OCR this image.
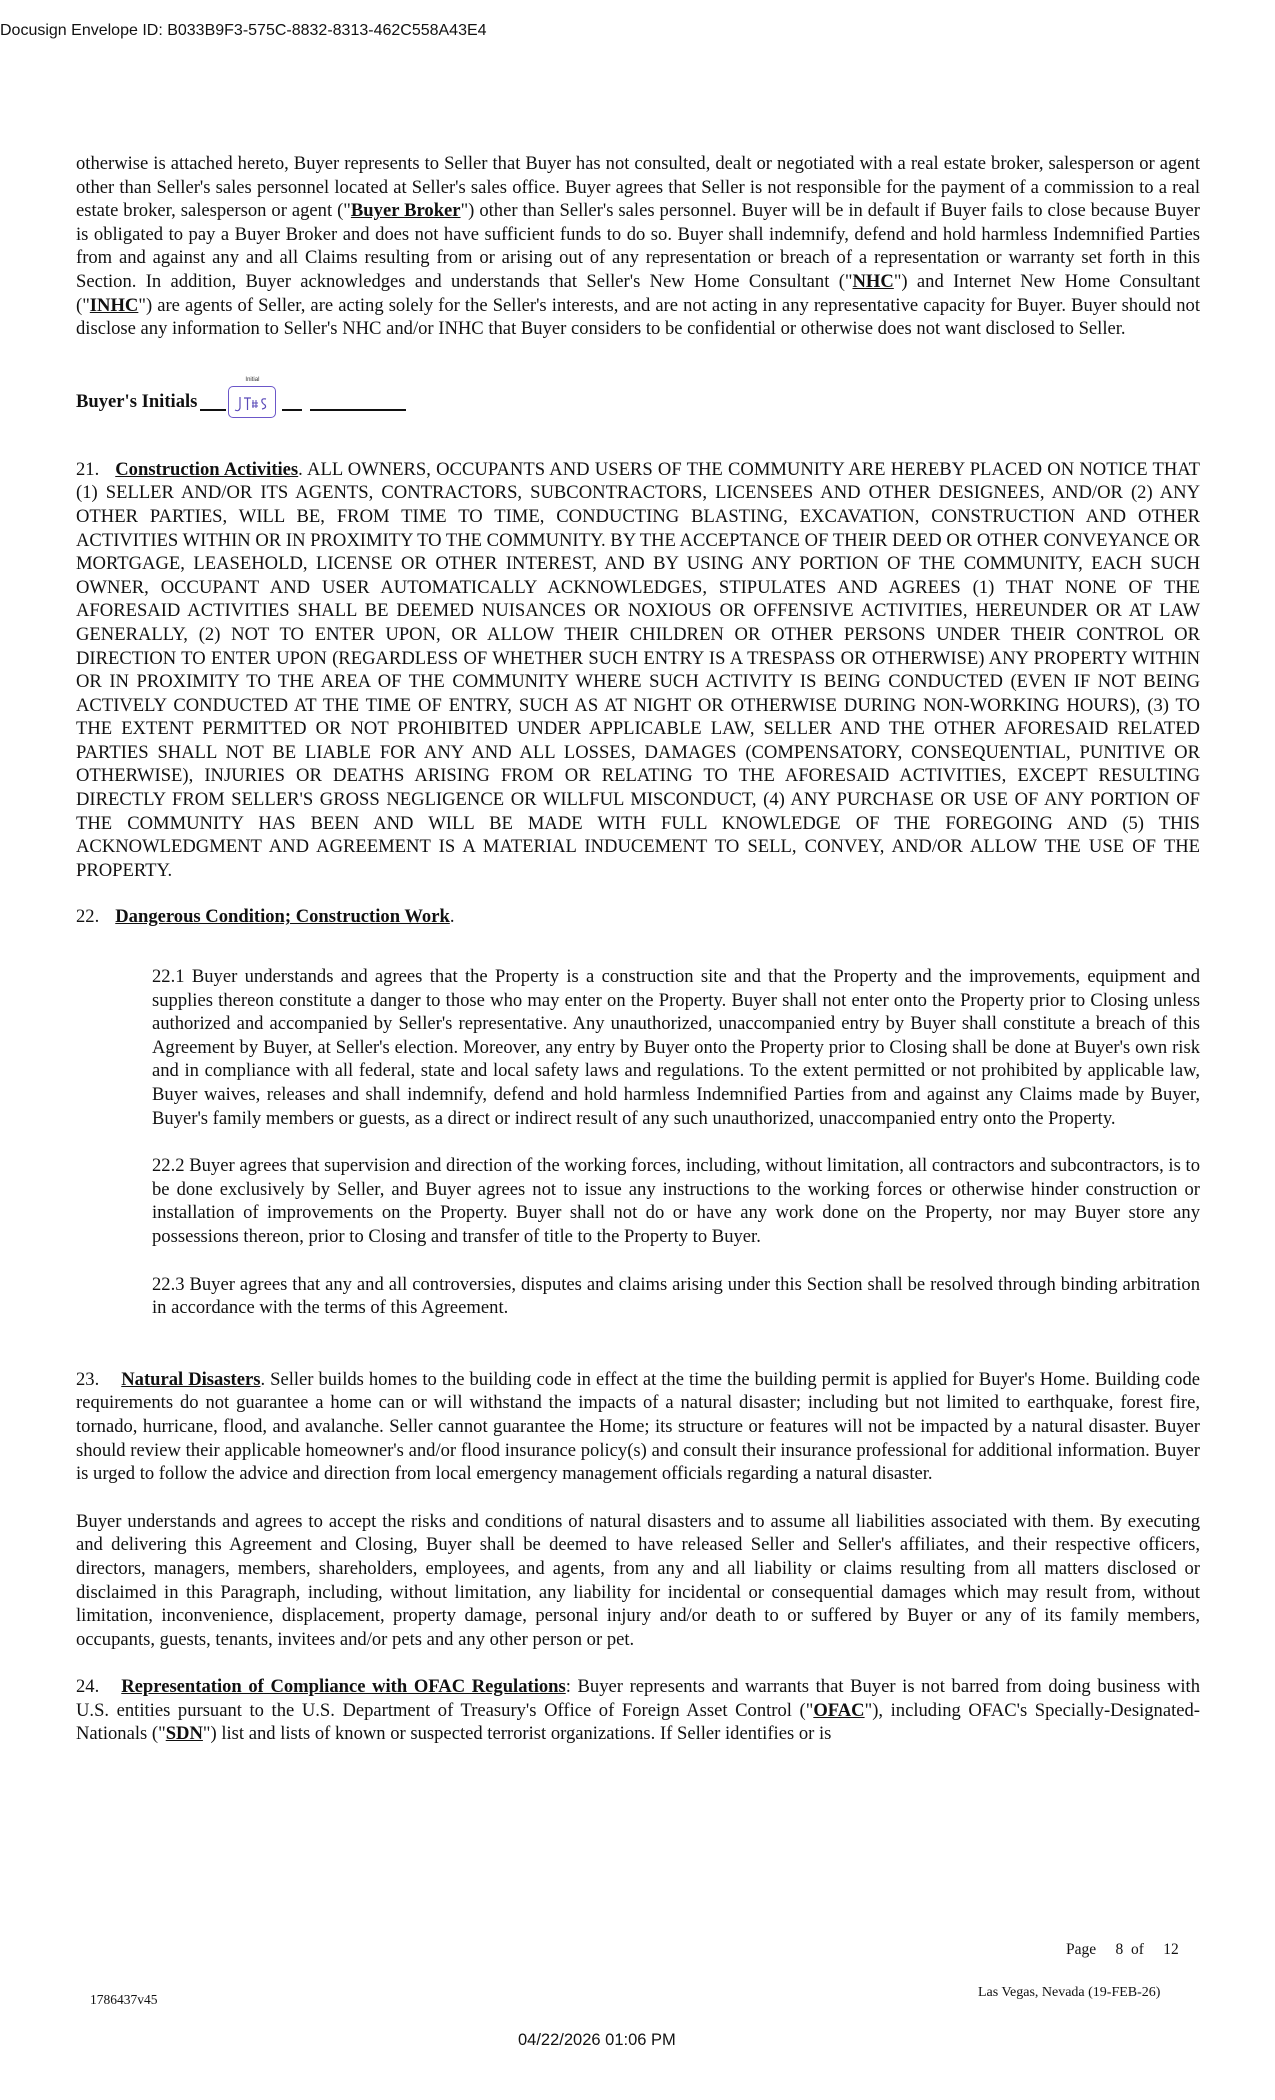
Docusign Envelope ID: B033B9F3-575C-8832-8313-462C558A43E4

otherwise is attached hereto, Buyer represents to Seller that Buyer has not consulted, dealt or negotiated with a real estate broker, salesperson or agent other than Seller's sales personnel located at Seller's sales office. Buyer agrees that Seller is not responsible for the payment of a commission to a real estate broker, salesperson or agent ("Buyer Broker") other than Seller's sales personnel. Buyer will be in default if Buyer fails to close because Buyer is obligated to pay a Buyer Broker and does not have sufficient funds to do so. Buyer shall indemnify, defend and hold harmless Indemnified Parties from and against any and all Claims resulting from or arising out of any representation or breach of a representation or warranty set forth in this Section. In addition, Buyer acknowledges and understands that Seller's New Home Consultant ("NHC") and Internet New Home Consultant ("INHC") are agents of Seller, are acting solely for the Seller's interests, and are not acting in any representative capacity for Buyer. Buyer should not disclose any information to Seller's NHC and/or INHC that Buyer considers to be confidential or otherwise does not want disclosed to Seller.

Buyer's Initials
Initial

21. Construction Activities. ALL OWNERS, OCCUPANTS AND USERS OF THE COMMUNITY ARE HEREBY PLACED ON NOTICE THAT (1) SELLER AND/OR ITS AGENTS, CONTRACTORS, SUBCONTRACTORS, LICENSEES AND OTHER DESIGNEES, AND/OR (2) ANY OTHER PARTIES, WILL BE, FROM TIME TO TIME, CONDUCTING BLASTING, EXCAVATION, CONSTRUCTION AND OTHER ACTIVITIES WITHIN OR IN PROXIMITY TO THE COMMUNITY. BY THE ACCEPTANCE OF THEIR DEED OR OTHER CONVEYANCE OR MORTGAGE, LEASEHOLD, LICENSE OR OTHER INTEREST, AND BY USING ANY PORTION OF THE COMMUNITY, EACH SUCH OWNER, OCCUPANT AND USER AUTOMATICALLY ACKNOWLEDGES, STIPULATES AND AGREES (1) THAT NONE OF THE AFORESAID ACTIVITIES SHALL BE DEEMED NUISANCES OR NOXIOUS OR OFFENSIVE ACTIVITIES, HEREUNDER OR AT LAW GENERALLY, (2) NOT TO ENTER UPON, OR ALLOW THEIR CHILDREN OR OTHER PERSONS UNDER THEIR CONTROL OR DIRECTION TO ENTER UPON (REGARDLESS OF WHETHER SUCH ENTRY IS A TRESPASS OR OTHERWISE) ANY PROPERTY WITHIN OR IN PROXIMITY TO THE AREA OF THE COMMUNITY WHERE SUCH ACTIVITY IS BEING CONDUCTED (EVEN IF NOT BEING ACTIVELY CONDUCTED AT THE TIME OF ENTRY, SUCH AS AT NIGHT OR OTHERWISE DURING NON-WORKING HOURS), (3) TO THE EXTENT PERMITTED OR NOT PROHIBITED UNDER APPLICABLE LAW, SELLER AND THE OTHER AFORESAID RELATED PARTIES SHALL NOT BE LIABLE FOR ANY AND ALL LOSSES, DAMAGES (COMPENSATORY, CONSEQUENTIAL, PUNITIVE OR OTHERWISE), INJURIES OR DEATHS ARISING FROM OR RELATING TO THE AFORESAID ACTIVITIES, EXCEPT RESULTING DIRECTLY FROM SELLER'S GROSS NEGLIGENCE OR WILLFUL MISCONDUCT, (4) ANY PURCHASE OR USE OF ANY PORTION OF THE COMMUNITY HAS BEEN AND WILL BE MADE WITH FULL KNOWLEDGE OF THE FOREGOING AND (5) THIS ACKNOWLEDGMENT AND AGREEMENT IS A MATERIAL INDUCEMENT TO SELL, CONVEY, AND/OR ALLOW THE USE OF THE PROPERTY.

22. Dangerous Condition; Construction Work.

22.1 Buyer understands and agrees that the Property is a construction site and that the Property and the improvements, equipment and supplies thereon constitute a danger to those who may enter on the Property. Buyer shall not enter onto the Property prior to Closing unless authorized and accompanied by Seller's representative. Any unauthorized, unaccompanied entry by Buyer shall constitute a breach of this Agreement by Buyer, at Seller's election. Moreover, any entry by Buyer onto the Property prior to Closing shall be done at Buyer's own risk and in compliance with all federal, state and local safety laws and regulations. To the extent permitted or not prohibited by applicable law, Buyer waives, releases and shall indemnify, defend and hold harmless Indemnified Parties from and against any Claims made by Buyer, Buyer's family members or guests, as a direct or indirect result of any such unauthorized, unaccompanied entry onto the Property.

22.2 Buyer agrees that supervision and direction of the working forces, including, without limitation, all contractors and subcontractors, is to be done exclusively by Seller, and Buyer agrees not to issue any instructions to the working forces or otherwise hinder construction or installation of improvements on the Property. Buyer shall not do or have any work done on the Property, nor may Buyer store any possessions thereon, prior to Closing and transfer of title to the Property to Buyer.

22.3 Buyer agrees that any and all controversies, disputes and claims arising under this Section shall be resolved through binding arbitration in accordance with the terms of this Agreement.

23. Natural Disasters. Seller builds homes to the building code in effect at the time the building permit is applied for Buyer's Home. Building code requirements do not guarantee a home can or will withstand the impacts of a natural disaster; including but not limited to earthquake, forest fire, tornado, hurricane, flood, and avalanche. Seller cannot guarantee the Home; its structure or features will not be impacted by a natural disaster. Buyer should review their applicable homeowner's and/or flood insurance policy(s) and consult their insurance professional for additional information. Buyer is urged to follow the advice and direction from local emergency management officials regarding a natural disaster.

Buyer understands and agrees to accept the risks and conditions of natural disasters and to assume all liabilities associated with them. By executing and delivering this Agreement and Closing, Buyer shall be deemed to have released Seller and Seller's affiliates, and their respective officers, directors, managers, members, shareholders, employees, and agents, from any and all liability or claims resulting from all matters disclosed or disclaimed in this Paragraph, including, without limitation, any liability for incidental or consequential damages which may result from, without limitation, inconvenience, displacement, property damage, personal injury and/or death to or suffered by Buyer or any of its family members, occupants, guests, tenants, invitees and/or pets and any other person or pet.

24. Representation of Compliance with OFAC Regulations: Buyer represents and warrants that Buyer is not barred from doing business with U.S. entities pursuant to the U.S. Department of Treasury's Office of Foreign Asset Control ("OFAC"), including OFAC's Specially-Designated-Nationals ("SDN") list and lists of known or suspected terrorist organizations. If Seller identifies or is

Page     8  of     12
1786437v45	Las Vegas, Nevada (19-FEB-26)
04/22/2026 01:06 PM
